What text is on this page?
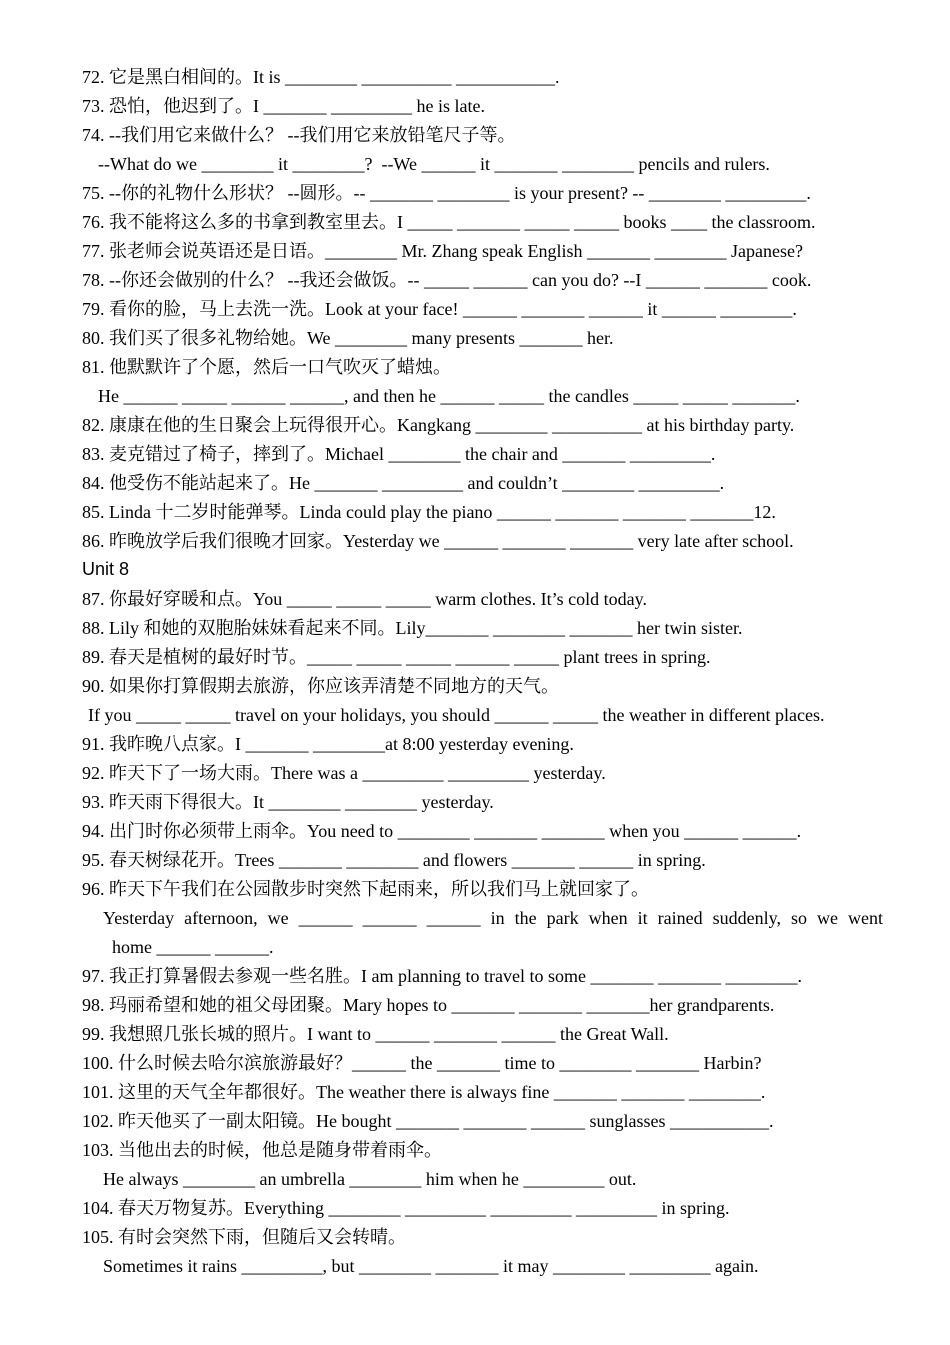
72. 它是黑白相间的。It is ________ __________ ___________.
73. 恐怕，他迟到了。I _______ _________ he is late.
74. --我们用它来做什么？ --我们用它来放铅笔尺子等。
--What do we ________ it ________?  --We ______ it _______ ________ pencils and rulers.
75. --你的礼物什么形状？ --圆形。-- _______ ________ is your present? -- ________ _________.
76. 我不能将这么多的书拿到教室里去。I _____ _______ _____ _____ books ____ the classroom.
77. 张老师会说英语还是日语。________ Mr. Zhang speak English _______ ________ Japanese?
78. --你还会做别的什么？ --我还会做饭。-- _____ ______ can you do? --I ______ _______ cook.
79. 看你的脸，马上去洗一洗。Look at your face! ______ _______ ______ it ______ ________.
80. 我们买了很多礼物给她。We ________ many presents _______ her.
81. 他默默许了个愿，然后一口气吹灭了蜡烛。
He ______ _____ ______ ______, and then he ______ _____ the candles _____ _____ _______.
82. 康康在他的生日聚会上玩得很开心。Kangkang ________ __________ at his birthday party.
83. 麦克错过了椅子，摔到了。Michael ________ the chair and _______ _________.
84. 他受伤不能站起来了。He _______ _________ and couldn’t ________ _________.
85. Linda 十二岁时能弹琴。Linda could play the piano ______ _______ _______ _______12.
86. 昨晚放学后我们很晚才回家。Yesterday we ______ _______ _______ very late after school.
Unit 8
87. 你最好穿暖和点。You _____ _____ _____ warm clothes. It’s cold today.
88. Lily 和她的双胞胎妹妹看起来不同。Lily_______ ________ _______ her twin sister.
89. 春天是植树的最好时节。_____ _____ _____ ______ _____ plant trees in spring.
90. 如果你打算假期去旅游，你应该弄清楚不同地方的天气。
If you _____ _____ travel on your holidays, you should ______ _____ the weather in different places.
91. 我昨晚八点家。I _______ ________at 8:00 yesterday evening.
92. 昨天下了一场大雨。There was a _________ _________ yesterday.
93. 昨天雨下得很大。It ________ ________ yesterday.
94. 出门时你必须带上雨伞。You need to ________ _______ _______ when you ______ ______.
95. 春天树绿花开。Trees _______ ________ and flowers _______ ______ in spring.
96. 昨天下午我们在公园散步时突然下起雨来，所以我们马上就回家了。
Yesterday afternoon, we ______ ______ ______ in the park when it rained suddenly, so we went
home ______ ______.
97. 我正打算暑假去参观一些名胜。I am planning to travel to some _______ _______ ________.
98. 玛丽希望和她的祖父母团聚。Mary hopes to _______ _______ _______her grandparents.
99. 我想照几张长城的照片。I want to ______ _______ ______ the Great Wall.
100. 什么时候去哈尔滨旅游最好？______ the _______ time to ________ _______ Harbin?
101. 这里的天气全年都很好。The weather there is always fine _______ _______ ________.
102. 昨天他买了一副太阳镜。He bought _______ _______ ______ sunglasses ___________.
103. 当他出去的时候，他总是随身带着雨伞。
He always ________ an umbrella ________ him when he _________ out.
104. 春天万物复苏。Everything ________ _________ _________ _________ in spring.
105. 有时会突然下雨，但随后又会转晴。
Sometimes it rains _________, but ________ _______ it may ________ _________ again.
